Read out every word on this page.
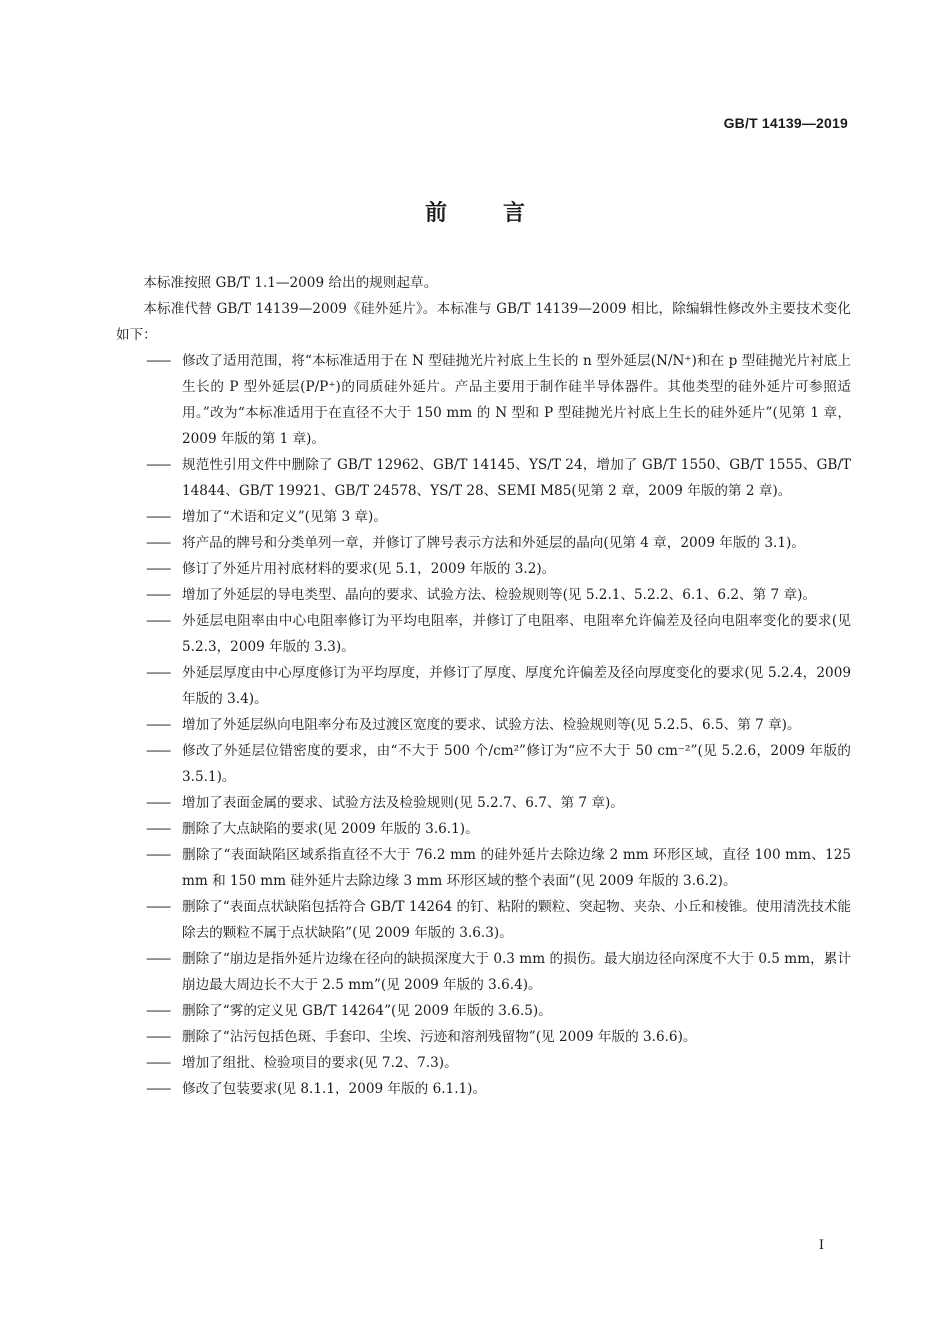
GB/T 14139—2019
前言

本标准按照 GB/T 1.1—2009 给出的规则起草。

本标准代替 GB/T 14139—2009《硅外延片》。本标准与 GB/T 14139—2009 相比，除编辑性修改外主要技术变化如下：

—— 修改了适用范围，将“本标准适用于在 N 型硅抛光片衬底上生长的 n 型外延层(N/N⁺)和在 p 型硅抛光片衬底上生长的 P 型外延层(P/P⁺)的同质硅外延片。产品主要用于制作硅半导体器件。其他类型的硅外延片可参照适用。”改为“本标准适用于在直径不大于 150 mm 的 N 型和 P 型硅抛光片衬底上生长的硅外延片”(见第 1 章，2009 年版的第 1 章)。
—— 规范性引用文件中删除了 GB/T 12962、GB/T 14145、YS/T 24，增加了 GB/T 1550、GB/T 1555、GB/T 14844、GB/T 19921、GB/T 24578、YS/T 28、SEMI M85(见第 2 章，2009 年版的第 2 章)。
—— 增加了“术语和定义”(见第 3 章)。
—— 将产品的牌号和分类单列一章，并修订了牌号表示方法和外延层的晶向(见第 4 章，2009 年版的 3.1)。
—— 修订了外延片用衬底材料的要求(见 5.1，2009 年版的 3.2)。
—— 增加了外延层的导电类型、晶向的要求、试验方法、检验规则等(见 5.2.1、5.2.2、6.1、6.2、第 7 章)。
—— 外延层电阻率由中心电阻率修订为平均电阻率，并修订了电阻率、电阻率允许偏差及径向电阻率变化的要求(见 5.2.3，2009 年版的 3.3)。
—— 外延层厚度由中心厚度修订为平均厚度，并修订了厚度、厚度允许偏差及径向厚度变化的要求(见 5.2.4，2009 年版的 3.4)。
—— 增加了外延层纵向电阻率分布及过渡区宽度的要求、试验方法、检验规则等(见 5.2.5、6.5、第 7 章)。
—— 修改了外延层位错密度的要求，由“不大于 500 个/cm²”修订为“应不大于 50 cm⁻²”(见 5.2.6，2009 年版的 3.5.1)。
—— 增加了表面金属的要求、试验方法及检验规则(见 5.2.7、6.7、第 7 章)。
—— 删除了大点缺陷的要求(见 2009 年版的 3.6.1)。
—— 删除了“表面缺陷区域系指直径不大于 76.2 mm 的硅外延片去除边缘 2 mm 环形区域，直径 100 mm、125 mm 和 150 mm 硅外延片去除边缘 3 mm 环形区域的整个表面”(见 2009 年版的 3.6.2)。
—— 删除了“表面点状缺陷包括符合 GB/T 14264 的钉、粘附的颗粒、突起物、夹杂、小丘和棱锥。使用清洗技术能除去的颗粒不属于点状缺陷”(见 2009 年版的 3.6.3)。
—— 删除了“崩边是指外延片边缘在径向的缺损深度大于 0.3 mm 的损伤。最大崩边径向深度不大于 0.5 mm，累计崩边最大周边长不大于 2.5 mm”(见 2009 年版的 3.6.4)。
—— 删除了“雾的定义见 GB/T 14264”(见 2009 年版的 3.6.5)。
—— 删除了“沾污包括色斑、手套印、尘埃、污迹和溶剂残留物”(见 2009 年版的 3.6.6)。
—— 增加了组批、检验项目的要求(见 7.2、7.3)。
—— 修改了包装要求(见 8.1.1，2009 年版的 6.1.1)。
I
